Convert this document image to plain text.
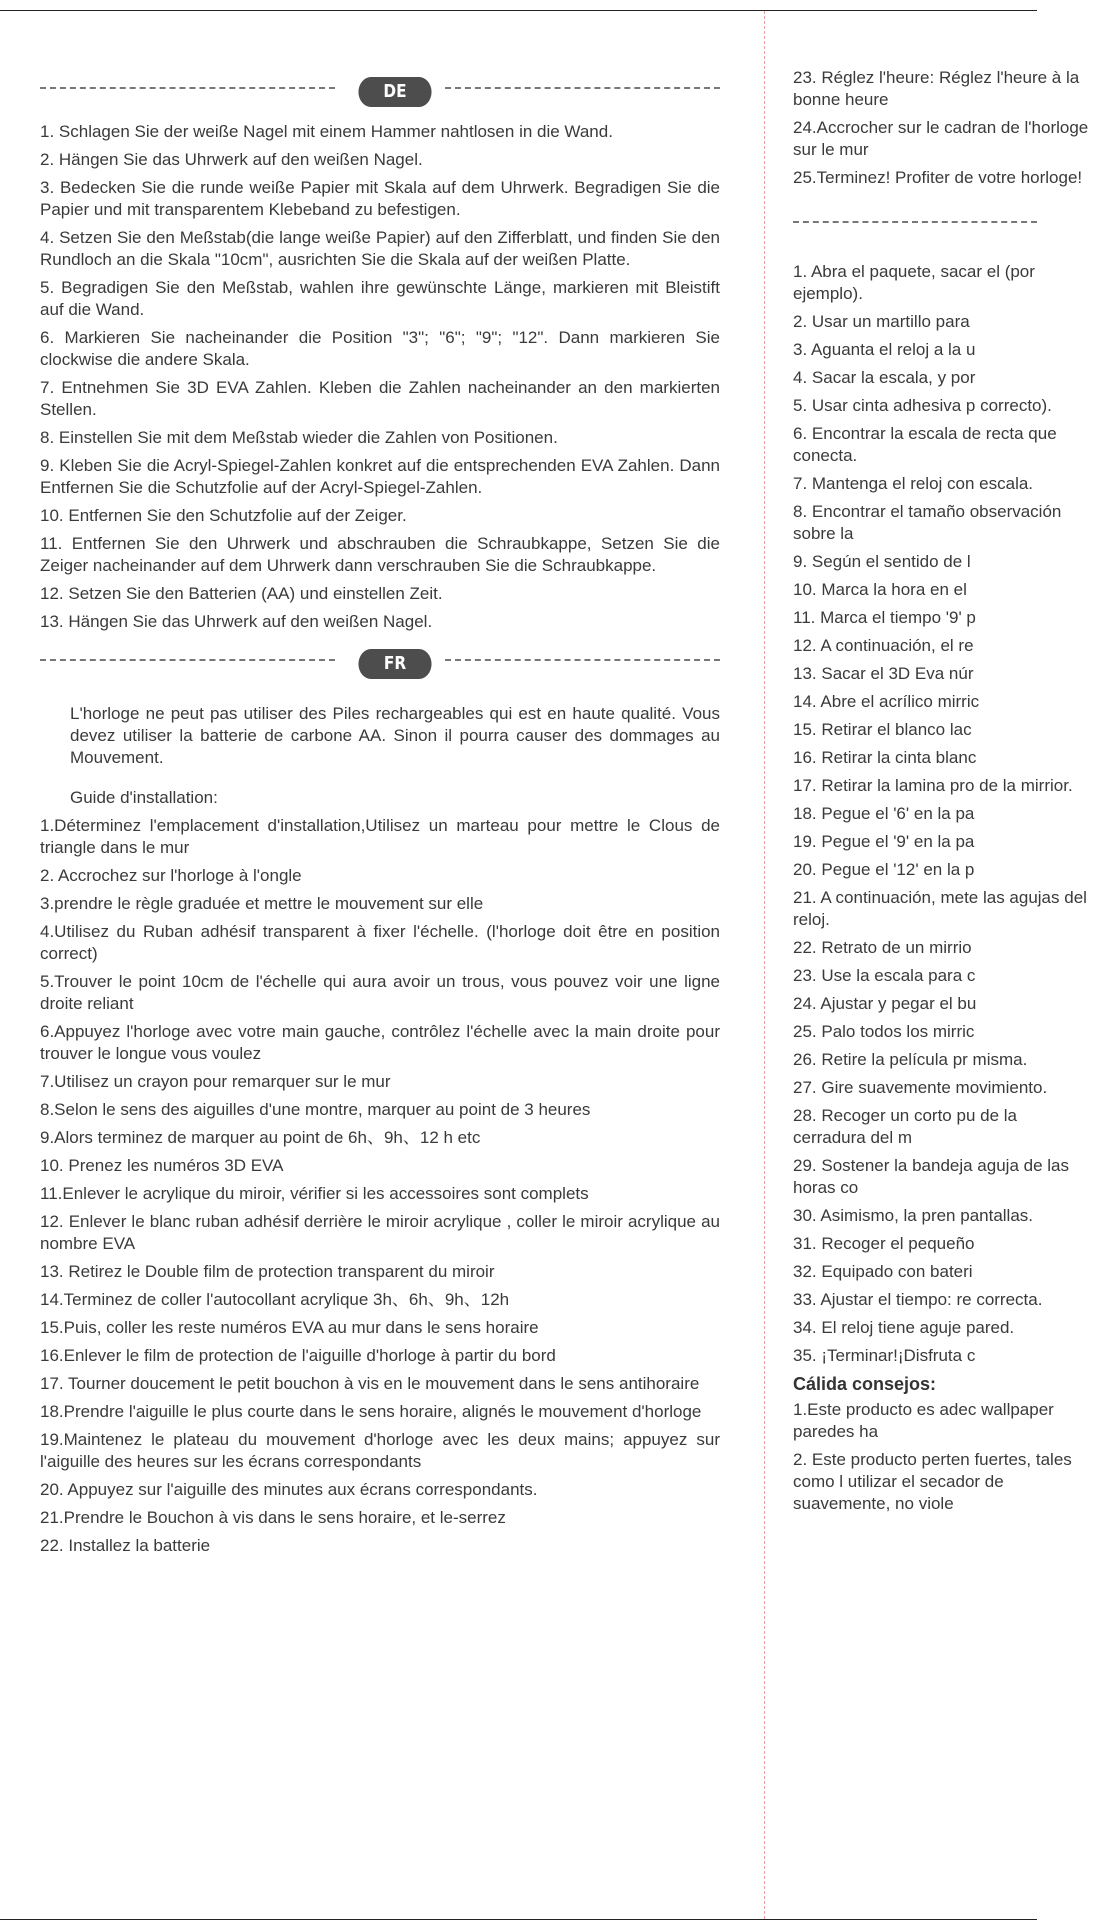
DE
1. Schlagen Sie der weiße Nagel mit einem Hammer nahtlosen in die Wand.
2. Hängen Sie das Uhrwerk auf den weißen Nagel.
3. Bedecken Sie die runde weiße Papier mit Skala auf dem Uhrwerk. Begradigen Sie die Papier und mit transparentem Klebeband zu befestigen.
4. Setzen Sie den Meßstab(die lange weiße Papier) auf den Zifferblatt, und finden Sie den Rundloch an die Skala "10cm", ausrichten Sie die Skala auf der weißen Platte.
5. Begradigen Sie den Meßstab, wahlen ihre gewünschte Länge, markieren mit Bleistift auf die Wand.
6. Markieren Sie nacheinander die Position "3"; "6"; "9"; "12". Dann markieren Sie clockwise die andere Skala.
7. Entnehmen Sie 3D EVA Zahlen. Kleben die Zahlen nacheinander an den markierten Stellen.
8. Einstellen Sie mit dem Meßstab wieder die Zahlen von Positionen.
9. Kleben Sie die Acryl-Spiegel-Zahlen konkret auf die entsprechenden EVA Zahlen. Dann Entfernen Sie die Schutzfolie auf der Acryl-Spiegel-Zahlen.
10. Entfernen Sie den Schutzfolie auf der Zeiger.
11. Entfernen Sie den Uhrwerk und abschrauben die Schraubkappe, Setzen Sie die Zeiger nacheinander auf dem Uhrwerk dann verschrauben Sie die Schraubkappe.
12. Setzen Sie den Batterien (AA) und einstellen Zeit.
13. Hängen Sie das Uhrwerk auf den weißen Nagel.
FR

L'horloge ne peut pas utiliser des Piles rechargeables qui est en haute qualité. Vous devez utiliser la batterie de carbone AA. Sinon il pourra causer des dommages au Mouvement.

Guide d'installation:

1.Déterminez l'emplacement d'installation,Utilisez un marteau pour mettre le Clous de triangle dans le mur
2. Accrochez sur l'horloge à l'ongle
3.prendre le règle graduée et mettre le mouvement sur elle
4.Utilisez du Ruban adhésif transparent à fixer l'échelle. (l'horloge doit être en position correct)
5.Trouver le point 10cm de l'échelle qui aura avoir un trous, vous pouvez voir une ligne droite reliant
6.Appuyez l'horloge avec votre main gauche, contrôlez l'échelle avec la main droite pour trouver le longue vous voulez
7.Utilisez un crayon pour remarquer sur le mur
8.Selon le sens des aiguilles d'une montre, marquer au point de 3 heures
9.Alors terminez de marquer au point de 6h、9h、12 h etc
10. Prenez les numéros 3D EVA
11.Enlever le acrylique du miroir, vérifier si les accessoires sont complets
12. Enlever le blanc ruban adhésif derrière le miroir acrylique , coller le miroir acrylique au nombre EVA
13. Retirez le Double film de protection transparent du miroir
14.Terminez de coller l'autocollant acrylique 3h、6h、9h、12h
15.Puis, coller les reste numéros EVA au mur dans le sens horaire
16.Enlever le film de protection de l'aiguille d'horloge à partir du bord
17. Tourner doucement le petit bouchon à vis en le mouvement dans le sens antihoraire
18.Prendre l'aiguille le plus courte dans le sens horaire, alignés le mouvement d'horloge
19.Maintenez le plateau du mouvement d'horloge avec les deux mains; appuyez sur l'aiguille des heures sur les écrans correspondants
20. Appuyez sur l'aiguille des minutes aux écrans correspondants.
21.Prendre le Bouchon à vis dans le sens horaire, et le-serrez
22. Installez la batterie
23. Réglez l'heure: Réglez l'heure à la bonne heure
24.Accrocher sur le cadran de l'horloge sur le mur
25.Terminez! Profiter de votre horloge!
1. Abra el paquete, sacar el (por ejemplo).
2. Usar un martillo para
3. Aguanta el reloj a la u
4. Sacar la escala, y por
5. Usar cinta adhesiva p correcto).
6. Encontrar la escala de recta que conecta.
7. Mantenga el reloj con escala.
8. Encontrar el tamaño observación sobre la
9. Según el sentido de l
10. Marca la hora en el
11. Marca el tiempo '9' p
12. A continuación, el re
13. Sacar el 3D Eva núr
14. Abre el acrílico mirric
15. Retirar el blanco lac
16. Retirar la cinta blanc
17. Retirar la lamina pro de la mirrior.
18. Pegue el '6' en la pa
19. Pegue el '9' en la pa
20. Pegue el '12' en la p
21. A continuación, mete las agujas del reloj.
22. Retrato de un mirrio
23. Use la escala para c
24. Ajustar y pegar el bu
25. Palo todos los mirric
26. Retire la película pr misma.
27. Gire suavemente movimiento.
28. Recoger un corto pu de la cerradura del m
29. Sostener la bandeja aguja de las horas co
30. Asimismo, la pren pantallas.
31. Recoger el pequeño
32. Equipado con bateri
33. Ajustar el tiempo: re correcta.
34. El reloj tiene aguje pared.
35. ¡Terminar!¡Disfruta c

Cálida consejos:

1.Este producto es adec wallpaper paredes ha
2. Este producto perten fuertes, tales como l utilizar el secador de suavemente, no viole
